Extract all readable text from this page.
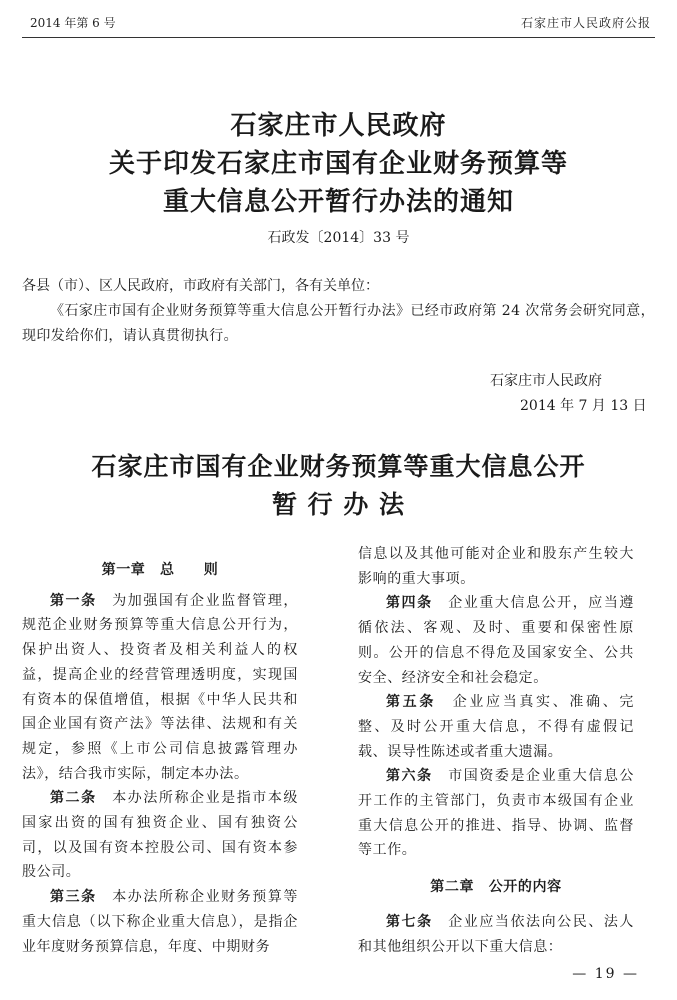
2014 年第 6 号	石家庄市人民政府公报
石家庄市人民政府
关于印发石家庄市国有企业财务预算等
重大信息公开暂行办法的通知
石政发〔2014〕33 号
各县（市）、区人民政府，市政府有关部门，各有关单位：
《石家庄市国有企业财务预算等重大信息公开暂行办法》已经市政府第 24 次常务会研究同意，现印发给你们，请认真贯彻执行。
石家庄市人民政府
2014 年 7 月 13 日
石家庄市国有企业财务预算等重大信息公开
暂 行 办 法

第一章　总　　则

第一条　 为加强国有企业监督管理，规范企业财务预算等重大信息公开行为，保护出资人、投资者及相关利益人的权益，提高企业的经营管理透明度，实现国有资本的保值增值，根据《中华人民共和国企业国有资产法》等法律、法规和有关规定，参照《上市公司信息披露管理办法》，结合我市实际，制定本办法。

第二条　 本办法所称企业是指市本级国家出资的国有独资企业、国有独资公司，以及国有资本控股公司、国有资本参股公司。

第三条　 本办法所称企业财务预算等重大信息（以下称企业重大信息），是指企业年度财务预算信息，年度、中期财务

信息以及其他可能对企业和股东产生较大影响的重大事项。

第四条　 企业重大信息公开，应当遵循依法、客观、及时、重要和保密性原则。公开的信息不得危及国家安全、公共安全、经济安全和社会稳定。

第五条　 企业应当真实、准确、完整、及时公开重大信息，不得有虚假记载、误导性陈述或者重大遗漏。

第六条　 市国资委是企业重大信息公开工作的主管部门，负责市本级国有企业重大信息公开的推进、指导、协调、监督等工作。

第二章　公开的内容

第七条　 企业应当依法向公民、法人和其他组织公开以下重大信息：

— 19 —
